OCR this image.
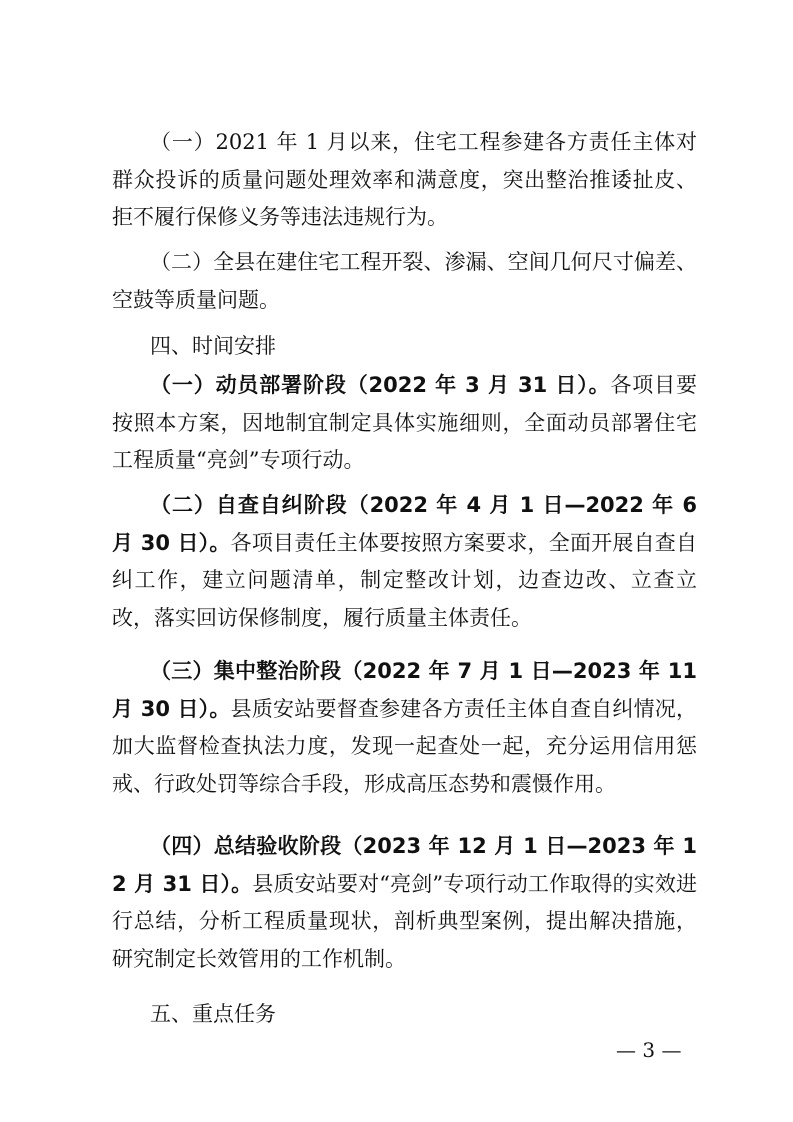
（一）2021 年 1 月以来，住宅工程参建各方责任主体对群众投诉的质量问题处理效率和满意度，突出整治推诿扯皮、拒不履行保修义务等违法违规行为。

（二）全县在建住宅工程开裂、渗漏、空间几何尺寸偏差、空鼓等质量问题。

四、时间安排

（一）动员部署阶段（2022 年 3 月 31 日）。各项目要按照本方案，因地制宜制定具体实施细则，全面动员部署住宅工程质量“亮剑”专项行动。

（二）自查自纠阶段（2022 年 4 月 1 日—2022 年 6 月 30 日）。各项目责任主体要按照方案要求，全面开展自查自纠工作，建立问题清单，制定整改计划，边查边改、立查立改，落实回访保修制度，履行质量主体责任。

（三）集中整治阶段（2022 年 7 月 1 日—2023 年 11 月 30 日）。县质安站要督查参建各方责任主体自查自纠情况，加大监督检查执法力度，发现一起查处一起，充分运用信用惩戒、行政处罚等综合手段，形成高压态势和震慑作用。

（四）总结验收阶段（2023 年 12 月 1 日—2023 年 12 月 31 日）。县质安站要对“亮剑”专项行动工作取得的实效进行总结，分析工程质量现状，剖析典型案例，提出解决措施，研究制定长效管用的工作机制。

五、重点任务

— 3 —
